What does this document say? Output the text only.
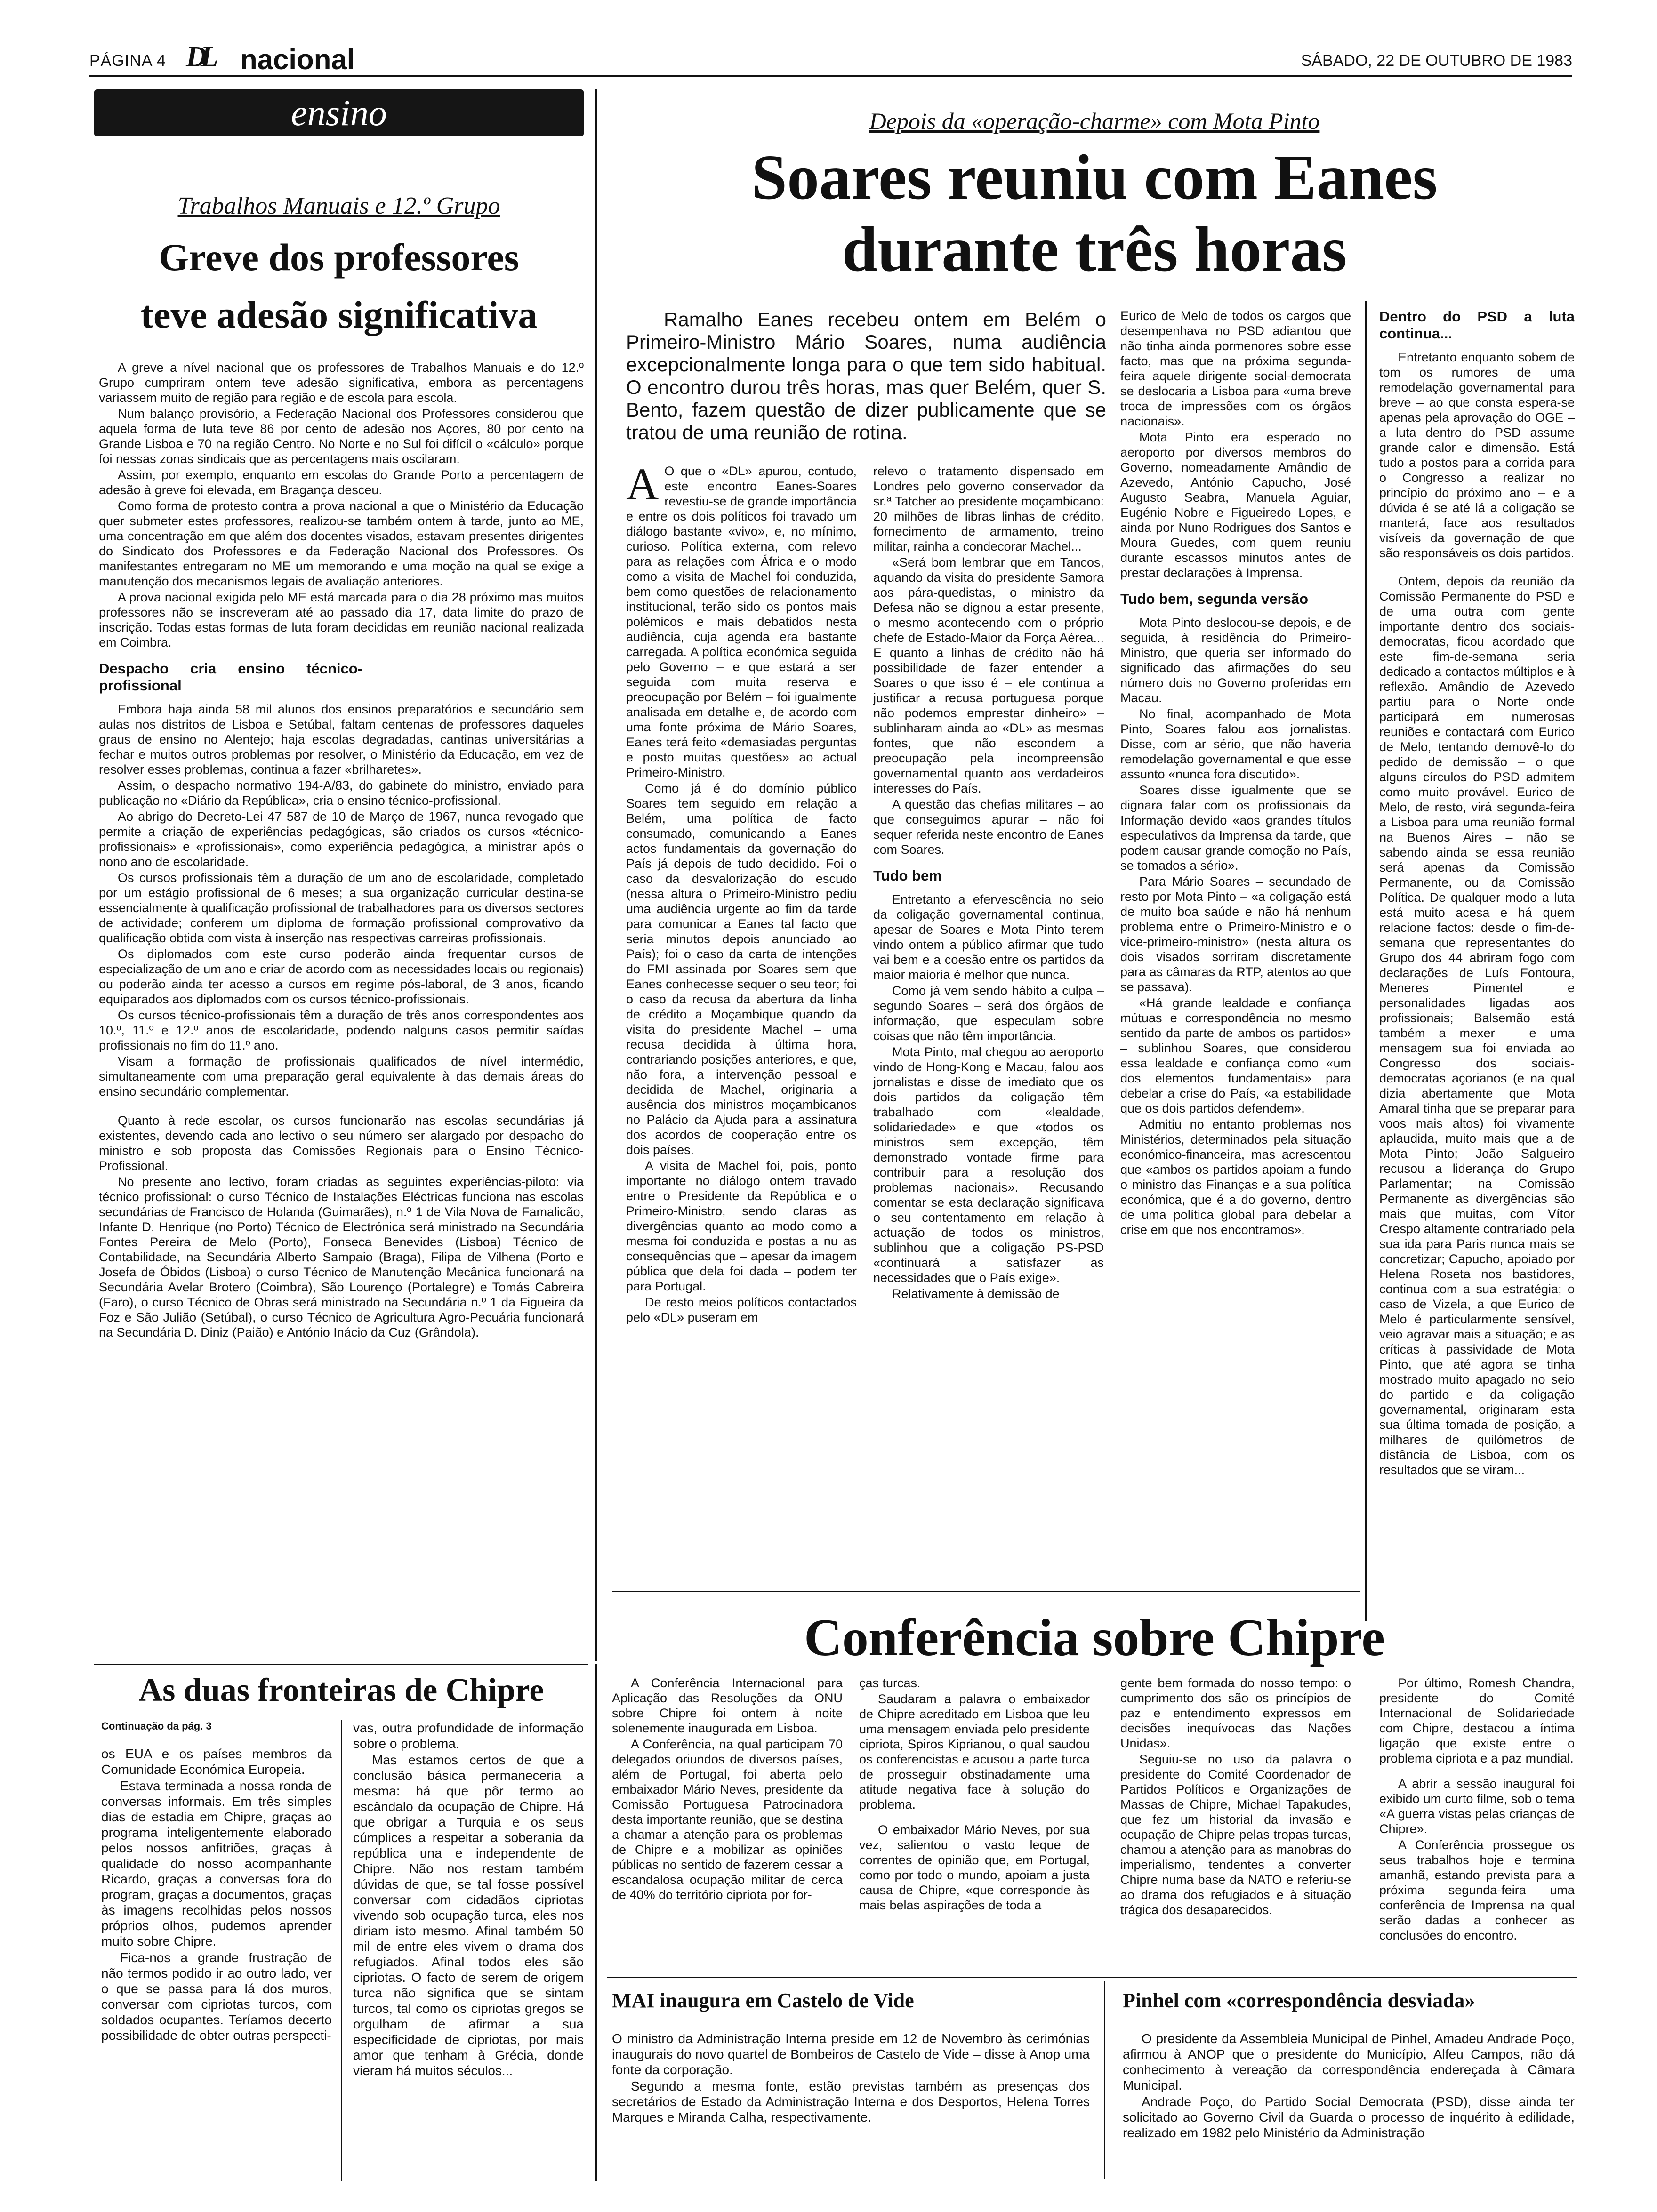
PÁGINA 4 DL nacional	SÁBADO, 22 DE OUTUBRO DE 1983
ensino
Trabalhos Manuais e 12.º Grupo
Greve dos professores
teve adesão significativa

A greve a nível nacional que os professores de Trabalhos Manuais e do 12.º Grupo cumpriram ontem teve adesão significativa, embora as percentagens variassem muito de região para região e de escola para escola.

Num balanço provisório, a Federação Nacional dos Professores considerou que aquela forma de luta teve 86 por cento de adesão nos Açores, 80 por cento na Grande Lisboa e 70 na região Centro. No Norte e no Sul foi difícil o «cálculo» porque foi nessas zonas sindicais que as percentagens mais oscilaram.

Assim, por exemplo, enquanto em escolas do Grande Porto a percentagem de adesão à greve foi elevada, em Bragança desceu.

Como forma de protesto contra a prova nacional a que o Ministério da Educação quer submeter estes professores, realizou-se também ontem à tarde, junto ao ME, uma concentração em que além dos docentes visados, estavam presentes dirigentes do Sindicato dos Professores e da Federação Nacional dos Professores. Os manifestantes entregaram no ME um memorando e uma moção na qual se exige a manutenção dos mecanismos legais de avaliação anteriores.

A prova nacional exigida pelo ME está marcada para o dia 28 próximo mas muitos professores não se inscreveram até ao passado dia 17, data limite do prazo de inscrição. Todas estas formas de luta foram decididas em reunião nacional realizada em Coimbra.

Despacho cria ensino técnico-profissional

Embora haja ainda 58 mil alunos dos ensinos preparatórios e secundário sem aulas nos distritos de Lisboa e Setúbal, faltam centenas de professores daqueles graus de ensino no Alentejo; haja escolas degradadas, cantinas universitárias a fechar e muitos outros problemas por resolver, o Ministério da Educação, em vez de resolver esses problemas, continua a fazer «brilharetes».

Assim, o despacho normativo 194-A/83, do gabinete do ministro, enviado para publicação no «Diário da República», cria o ensino técnico-profissional.

Ao abrigo do Decreto-Lei 47 587 de 10 de Março de 1967, nunca revogado que permite a criação de experiências pedagógicas, são criados os cursos «técnico-profissionais» e «profissionais», como experiência pedagógica, a ministrar após o nono ano de escolaridade.

Os cursos profissionais têm a duração de um ano de escolaridade, completado por um estágio profissional de 6 meses; a sua organização curricular destina-se essencialmente à qualificação profissional de trabalhadores para os diversos sectores de actividade; conferem um diploma de formação profissional comprovativo da qualificação obtida com vista à inserção nas respectivas carreiras profissionais.

Os diplomados com este curso poderão ainda frequentar cursos de especialização de um ano e criar de acordo com as necessidades locais ou regionais) ou poderão ainda ter acesso a cursos em regime pós-laboral, de 3 anos, ficando equiparados aos diplomados com os cursos técnico-profissionais.

Os cursos técnico-profissionais têm a duração de três anos correspondentes aos 10.º, 11.º e 12.º anos de escolaridade, podendo nalguns casos permitir saídas profissionais no fim do 11.º ano.

Visam a formação de profissionais qualificados de nível intermédio, simultaneamente com uma preparação geral equivalente à das demais áreas do ensino secundário complementar.

Quanto à rede escolar, os cursos funcionarão nas escolas secundárias já existentes, devendo cada ano lectivo o seu número ser alargado por despacho do ministro e sob proposta das Comissões Regionais para o Ensino Técnico-Profissional.

No presente ano lectivo, foram criadas as seguintes experiências-piloto: via técnico profissional: o curso Técnico de Instalações Eléctricas funciona nas escolas secundárias de Francisco de Holanda (Guimarães), n.º 1 de Vila Nova de Famalicão, Infante D. Henrique (no Porto) Técnico de Electrónica será ministrado na Secundária Fontes Pereira de Melo (Porto), Fonseca Benevides (Lisboa) Técnico de Contabilidade, na Secundária Alberto Sampaio (Braga), Filipa de Vilhena (Porto e Josefa de Óbidos (Lisboa) o curso Técnico de Manutenção Mecânica funcionará na Secundária Avelar Brotero (Coimbra), São Lourenço (Portalegre) e Tomás Cabreira (Faro), o curso Técnico de Obras será ministrado na Secundária n.º 1 da Figueira da Foz e São Julião (Setúbal), o curso Técnico de Agricultura Agro-Pecuária funcionará na Secundária D. Diniz (Paião) e António Inácio da Cuz (Grândola).

Depois da «operação-charme» com Mota Pinto
Soares reuniu com Eanes
durante três horas
Ramalho Eanes recebeu ontem em Belém o Primeiro-Ministro Mário Soares, numa audiência excepcionalmente longa para o que tem sido habitual. O encontro durou três horas, mas quer Belém, quer S. Bento, fazem questão de dizer publicamente que se tratou de uma reunião de rotina.
A O que o «DL» apurou, contudo, este encontro Eanes-Soares revestiu-se de grande importância e entre os dois políticos foi travado um diálogo bastante «vivo», e, no mínimo, curioso. Política externa, com relevo para as relações com África e o modo como a visita de Machel foi conduzida, bem como questões de relacionamento institucional, terão sido os pontos mais polémicos e mais debatidos nesta audiência, cuja agenda era bastante carregada. A política económica seguida pelo Governo – e que estará a ser seguida com muita reserva e preocupação por Belém – foi igualmente analisada em detalhe e, de acordo com uma fonte próxima de Mário Soares, Eanes terá feito «demasiadas perguntas e posto muitas questões» ao actual Primeiro-Ministro.

Como já é do domínio público Soares tem seguido em relação a Belém, uma política de facto consumado, comunicando a Eanes actos fundamentais da governação do País já depois de tudo decidido. Foi o caso da desvalorização do escudo (nessa altura o Primeiro-Ministro pediu uma audiência urgente ao fim da tarde para comunicar a Eanes tal facto que seria minutos depois anunciado ao País); foi o caso da carta de intenções do FMI assinada por Soares sem que Eanes conhecesse sequer o seu teor; foi o caso da recusa da abertura da linha de crédito a Moçambique quando da visita do presidente Machel – uma recusa decidida à última hora, contrariando posições anteriores, e que, não fora, a intervenção pessoal e decidida de Machel, originaria a ausência dos ministros moçambicanos no Palácio da Ajuda para a assinatura dos acordos de cooperação entre os dois países.

A visita de Machel foi, pois, ponto importante no diálogo ontem travado entre o Presidente da República e o Primeiro-Ministro, sendo claras as divergências quanto ao modo como a mesma foi conduzida e postas a nu as consequências que – apesar da imagem pública que dela foi dada – podem ter para Portugal.

De resto meios políticos contactados pelo «DL» puseram em

relevo o tratamento dispensado em Londres pelo governo conservador da sr.ª Tatcher ao presidente moçambicano: 20 milhões de libras linhas de crédito, fornecimento de armamento, treino militar, rainha a condecorar Machel...

«Será bom lembrar que em Tancos, aquando da visita do presidente Samora aos pára-quedistas, o ministro da Defesa não se dignou a estar presente, o mesmo acontecendo com o próprio chefe de Estado-Maior da Força Aérea... E quanto a linhas de crédito não há possibilidade de fazer entender a Soares o que isso é – ele continua a justificar a recusa portuguesa porque não podemos emprestar dinheiro» – sublinharam ainda ao «DL» as mesmas fontes, que não escondem a preocupação pela incompreensão governamental quanto aos verdadeiros interesses do País.

A questão das chefias militares – ao que conseguimos apurar – não foi sequer referida neste encontro de Eanes com Soares.

Tudo bem

Entretanto a efervescência no seio da coligação governamental continua, apesar de Soares e Mota Pinto terem vindo ontem a público afirmar que tudo vai bem e a coesão entre os partidos da maior maioria é melhor que nunca.

Como já vem sendo hábito a culpa – segundo Soares – será dos órgãos de informação, que especulam sobre coisas que não têm importância.

Mota Pinto, mal chegou ao aeroporto vindo de Hong-Kong e Macau, falou aos jornalistas e disse de imediato que os dois partidos da coligação têm trabalhado com «lealdade, solidariedade» e que «todos os ministros sem excepção, têm demonstrado vontade firme para contribuir para a resolução dos problemas nacionais». Recusando comentar se esta declaração significava o seu contentamento em relação à actuação de todos os ministros, sublinhou que a coligação PS-PSD «continuará a satisfazer as necessidades que o País exige».

Relativamente à demissão de

Eurico de Melo de todos os cargos que desempenhava no PSD adiantou que não tinha ainda pormenores sobre esse facto, mas que na próxima segunda-feira aquele dirigente social-democrata se deslocaria a Lisboa para «uma breve troca de impressões com os órgãos nacionais».

Mota Pinto era esperado no aeroporto por diversos membros do Governo, nomeadamente Amândio de Azevedo, António Capucho, José Augusto Seabra, Manuela Aguiar, Eugénio Nobre e Figueiredo Lopes, e ainda por Nuno Rodrigues dos Santos e Moura Guedes, com quem reuniu durante escassos minutos antes de prestar declarações à Imprensa.

Tudo bem, segunda versão

Mota Pinto deslocou-se depois, e de seguida, à residência do Primeiro-Ministro, que queria ser informado do significado das afirmações do seu número dois no Governo proferidas em Macau.

No final, acompanhado de Mota Pinto, Soares falou aos jornalistas. Disse, com ar sério, que não haveria remodelação governamental e que esse assunto «nunca fora discutido».

Soares disse igualmente que se dignara falar com os profissionais da Informação devido «aos grandes títulos especulativos da Imprensa da tarde, que podem causar grande comoção no País, se tomados a sério».

Para Mário Soares – secundado de resto por Mota Pinto – «a coligação está de muito boa saúde e não há nenhum problema entre o Primeiro-Ministro e o vice-primeiro-ministro» (nesta altura os dois visados sorriram discretamente para as câmaras da RTP, atentos ao que se passava).

«Há grande lealdade e confiança mútuas e correspondência no mesmo sentido da parte de ambos os partidos» – sublinhou Soares, que considerou essa lealdade e confiança como «um dos elementos fundamentais» para debelar a crise do País, «a estabilidade que os dois partidos defendem».

Admitiu no entanto problemas nos Ministérios, determinados pela situação económico-financeira, mas acrescentou que «ambos os partidos apoiam a fundo o ministro das Finanças e a sua política económica, que é a do governo, dentro de uma política global para debelar a crise em que nos encontramos».

Dentro do PSD a luta continua...

Entretanto enquanto sobem de tom os rumores de uma remodelação governamental para breve – ao que consta espera-se apenas pela aprovação do OGE – a luta dentro do PSD assume grande calor e dimensão. Está tudo a postos para a corrida para o Congresso a realizar no princípio do próximo ano – e a dúvida é se até lá a coligação se manterá, face aos resultados visíveis da governação de que são responsáveis os dois partidos.

Ontem, depois da reunião da Comissão Permanente do PSD e de uma outra com gente importante dentro dos sociais-democratas, ficou acordado que este fim-de-semana seria dedicado a contactos múltiplos e à reflexão. Amândio de Azevedo partiu para o Norte onde participará em numerosas reuniões e contactará com Eurico de Melo, tentando demovê-lo do pedido de demissão – o que alguns círculos do PSD admitem como muito provável. Eurico de Melo, de resto, virá segunda-feira a Lisboa para uma reunião formal na Buenos Aires – não se sabendo ainda se essa reunião será apenas da Comissão Permanente, ou da Comissão Política. De qualquer modo a luta está muito acesa e há quem relacione factos: desde o fim-de-semana que representantes do Grupo dos 44 abriram fogo com declarações de Luís Fontoura, Meneres Pimentel e personalidades ligadas aos profissionais; Balsemão está também a mexer – e uma mensagem sua foi enviada ao Congresso dos sociais-democratas açorianos (e na qual dizia abertamente que Mota Amaral tinha que se preparar para voos mais altos) foi vivamente aplaudida, muito mais que a de Mota Pinto; João Salgueiro recusou a liderança do Grupo Parlamentar; na Comissão Permanente as divergências são mais que muitas, com Vítor Crespo altamente contrariado pela sua ida para Paris nunca mais se concretizar; Capucho, apoiado por Helena Roseta nos bastidores, continua com a sua estratégia; o caso de Vizela, a que Eurico de Melo é particularmente sensível, veio agravar mais a situação; e as críticas à passividade de Mota Pinto, que até agora se tinha mostrado muito apagado no seio do partido e da coligação governamental, originaram esta sua última tomada de posição, a milhares de quilómetros de distância de Lisboa, com os resultados que se viram...

As duas fronteiras de Chipre
Continuação da pág. 3

os EUA e os países membros da Comunidade Económica Europeia.

Estava terminada a nossa ronda de conversas informais. Em três simples dias de estadia em Chipre, graças ao programa inteligentemente elaborado pelos nossos anfitriões, graças à qualidade do nosso acompanhante Ricardo, graças a conversas fora do program, graças a documentos, graças às imagens recolhidas pelos nossos próprios olhos, pudemos aprender muito sobre Chipre.

Fica-nos a grande frustração de não termos podido ir ao outro lado, ver o que se passa para lá dos muros, conversar com cipriotas turcos, com soldados ocupantes. Teríamos decerto possibilidade de obter outras perspecti-

vas, outra profundidade de informação sobre o problema.

Mas estamos certos de que a conclusão básica permaneceria a mesma: há que pôr termo ao escândalo da ocupação de Chipre. Há que obrigar a Turquia e os seus cúmplices a respeitar a soberania da república una e independente de Chipre. Não nos restam também dúvidas de que, se tal fosse possível conversar com cidadãos cipriotas vivendo sob ocupação turca, eles nos diriam isto mesmo. Afinal também 50 mil de entre eles vivem o drama dos refugiados. Afinal todos eles são cipriotas. O facto de serem de origem turca não significa que se sintam turcos, tal como os cipriotas gregos se orgulham de afirmar a sua especificidade de cipriotas, por mais amor que tenham à Grécia, donde vieram há muitos séculos...

Conferência sobre Chipre

A Conferência Internacional para Aplicação das Resoluções da ONU sobre Chipre foi ontem à noite solenemente inaugurada em Lisboa.

A Conferência, na qual participam 70 delegados oriundos de diversos países, além de Portugal, foi aberta pelo embaixador Mário Neves, presidente da Comissão Portuguesa Patrocinadora desta importante reunião, que se destina a chamar a atenção para os problemas de Chipre e a mobilizar as opiniões públicas no sentido de fazerem cessar a escandalosa ocupação militar de cerca de 40% do território cipriota por for-

ças turcas.

Saudaram a palavra o embaixador de Chipre acreditado em Lisboa que leu uma mensagem enviada pelo presidente cipriota, Spiros Kiprianou, o qual saudou os conferencistas e acusou a parte turca de prosseguir obstinadamente uma atitude negativa face à solução do problema.

O embaixador Mário Neves, por sua vez, salientou o vasto leque de correntes de opinião que, em Portugal, como por todo o mundo, apoiam a justa causa de Chipre, «que corresponde às mais belas aspirações de toda a

gente bem formada do nosso tempo: o cumprimento dos são os princípios de paz e entendimento expressos em decisões inequívocas das Nações Unidas».

Seguiu-se no uso da palavra o presidente do Comité Coordenador de Partidos Políticos e Organizações de Massas de Chipre, Michael Tapakudes, que fez um historial da invasão e ocupação de Chipre pelas tropas turcas, chamou a atenção para as manobras do imperialismo, tendentes a converter Chipre numa base da NATO e referiu-se ao drama dos refugiados e à situação trágica dos desaparecidos.

Por último, Romesh Chandra, presidente do Comité Internacional de Solidariedade com Chipre, destacou a íntima ligação que existe entre o problema cipriota e a paz mundial.

A abrir a sessão inaugural foi exibido um curto filme, sob o tema «A guerra vistas pelas crianças de Chipre».

A Conferência prossegue os seus trabalhos hoje e termina amanhã, estando prevista para a próxima segunda-feira uma conferência de Imprensa na qual serão dadas a conhecer as conclusões do encontro.

MAI inaugura em Castelo de Vide

O ministro da Administração Interna preside em 12 de Novembro às cerimónias inaugurais do novo quartel de Bombeiros de Castelo de Vide – disse à Anop uma fonte da corporação.

Segundo a mesma fonte, estão previstas também as presenças dos secretários de Estado da Administração Interna e dos Desportos, Helena Torres Marques e Miranda Calha, respectivamente.

Pinhel com «correspondência desviada»

O presidente da Assembleia Municipal de Pinhel, Amadeu Andrade Poço, afirmou à ANOP que o presidente do Município, Alfeu Campos, não dá conhecimento à vereação da correspondência endereçada à Câmara Municipal.

Andrade Poço, do Partido Social Democrata (PSD), disse ainda ter solicitado ao Governo Civil da Guarda o processo de inquérito à edilidade, realizado em 1982 pelo Ministério da Administração
